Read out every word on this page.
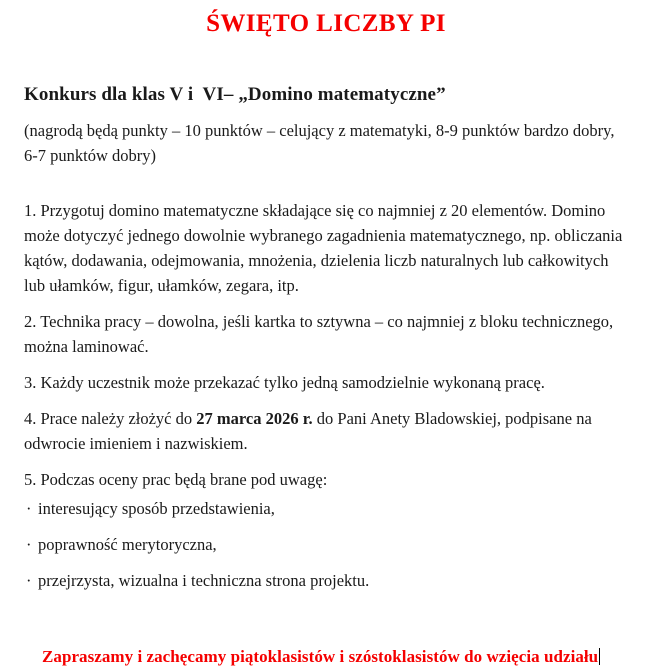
ŚWIĘTO LICZBY PI
Konkurs dla klas V i  VI– „Domino matematyczne”

(nagrodą będą punkty – 10 punktów – celujący z matematyki, 8-9 punktów bardzo dobry, 6-7 punktów dobry)

1. Przygotuj domino matematyczne składające się co najmniej z 20 elementów. Domino może dotyczyć jednego dowolnie wybranego zagadnienia matematycznego, np. obliczania kątów, dodawania, odejmowania, mnożenia, dzielenia liczb naturalnych lub całkowitych lub ułamków, figur, ułamków, zegara, itp.

2. Technika pracy – dowolna, jeśli kartka to sztywna – co najmniej z bloku technicznego, można laminować.

3. Każdy uczestnik może przekazać tylko jedną samodzielnie wykonaną pracę.

4. Prace należy złożyć do 27 marca 2026 r. do Pani Anety Bladowskiej, podpisane na odwrocie imieniem i nazwiskiem.

5. Podczas oceny prac będą brane pod uwagę:

· interesujący sposób przedstawienia,

· poprawność merytoryczna,

· przejrzysta, wizualna i techniczna strona projektu.

Zapraszamy i zachęcamy piątoklasistów i szóstoklasistów do wzięcia udziału
